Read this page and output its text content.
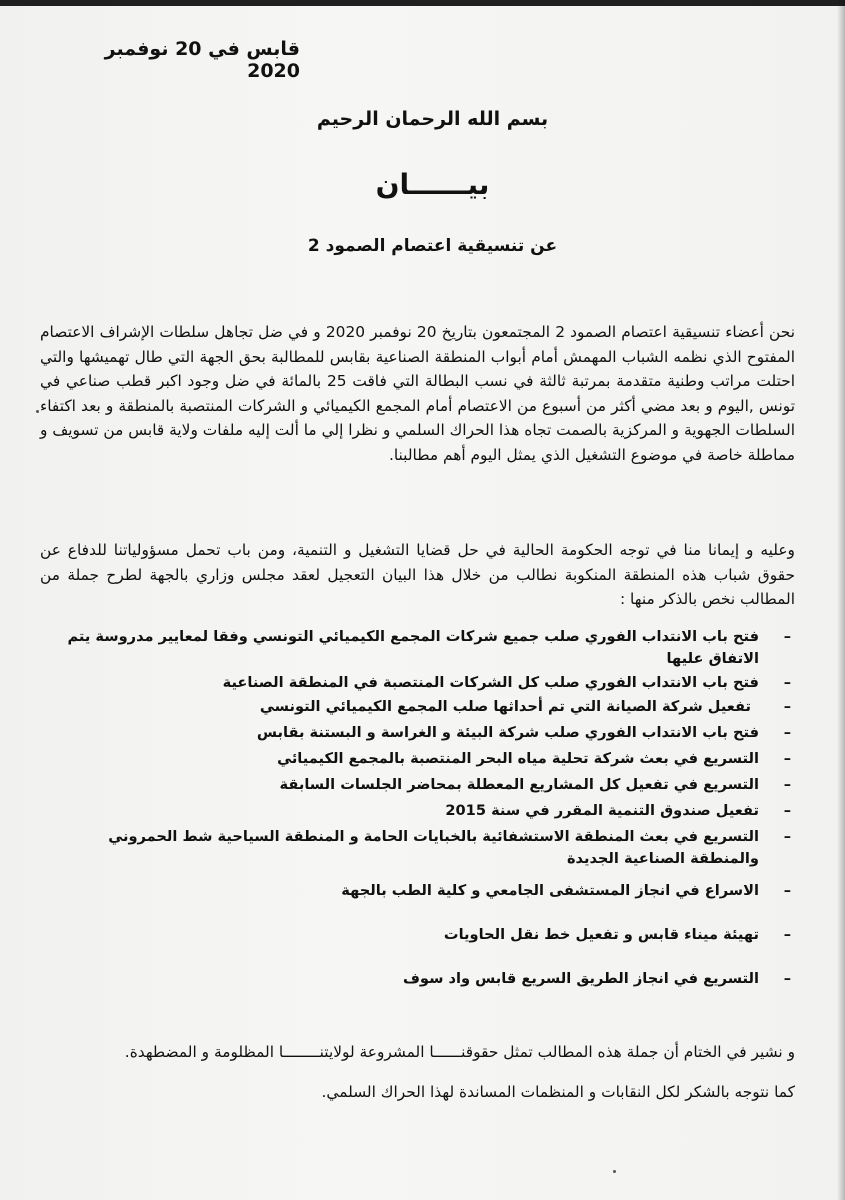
قابس في 20 نوفمبر 2020
بسم الله الرحمان الرحيم
بيــــــان
عن تنسيقية اعتصام الصمود 2

نحن أعضاء تنسيقية اعتصام الصمود 2 المجتمعون بتاريخ 20 نوفمبر 2020 و في ضل تجاهل سلطات الإشراف الاعتصام المفتوح الذي نظمه الشباب المهمش أمام أبواب المنطقة الصناعية بقابس للمطالبة بحق الجهة التي طال تهميشها والتي احتلت مراتب وطنية متقدمة بمرتبة ثالثة في نسب البطالة التي فاقت 25 بالمائة في ضل وجود اكبر قطب صناعي في تونس ,اليوم و بعد مضي أكثر من أسبوع من الاعتصام أمام المجمع الكيميائي و الشركات المنتصبة بالمنطقة و بعد اكتفاء السلطات الجهوية و المركزية بالصمت تجاه هذا الحراك السلمي و نظرا إلي ما ألت إليه ملفات ولاية قابس من تسويف و مماطلة خاصة في موضوع التشغيل الذي يمثل اليوم أهم مطالبنا.

وعليه و إيمانا منا في توجه الحكومة الحالية في حل قضايا التشغيل و التنمية، ومن باب تحمل مسؤولياتنا للدفاع عن حقوق شباب هذه المنطقة المنكوبة نطالب من خلال هذا البيان التعجيل لعقد مجلس وزاري بالجهة لطرح جملة من المطالب نخص بالذكر منها :

–
فتح باب الانتداب الفوري صلب جميع شركات المجمع الكيميائي التونسي وفقا لمعايير مدروسة يتم الاتفاق عليها
–
فتح باب الانتداب الفوري صلب كل الشركات المنتصبة في المنطقة الصناعية
–
تفعيل شركة الصيانة التي تم أحداثها صلب المجمع الكيميائي التونسي
–
فتح باب الانتداب الفوري صلب شركة البيئة و الغراسة و البستنة بقابس
–
التسريع في بعث شركة تحلية مياه البحر المنتصبة بالمجمع الكيميائي
–
التسريع في تفعيل كل المشاريع المعطلة بمحاضر الجلسات السابقة
–
تفعيل صندوق التنمية المقرر في سنة 2015
–
التسريع في بعث المنطقة الاستشفائية بالخبايات الحامة و المنطقة السياحية شط الحمروني والمنطقة الصناعية الجديدة
–
الاسراع في انجاز المستشفى الجامعي و كلية الطب بالجهة
–
تهيئة ميناء قابس و تفعيل خط نقل الحاويات
–
التسريع في انجاز الطريق السريع قابس واد سوف
و نشير في الختام أن جملة هذه المطالب تمثل حقوقنــــــا المشروعة لولايتنــــــــا المظلومة و المضطهدة.
كما نتوجه بالشكر لكل النقابات و المنظمات المساندة لهذا الحراك السلمي.
